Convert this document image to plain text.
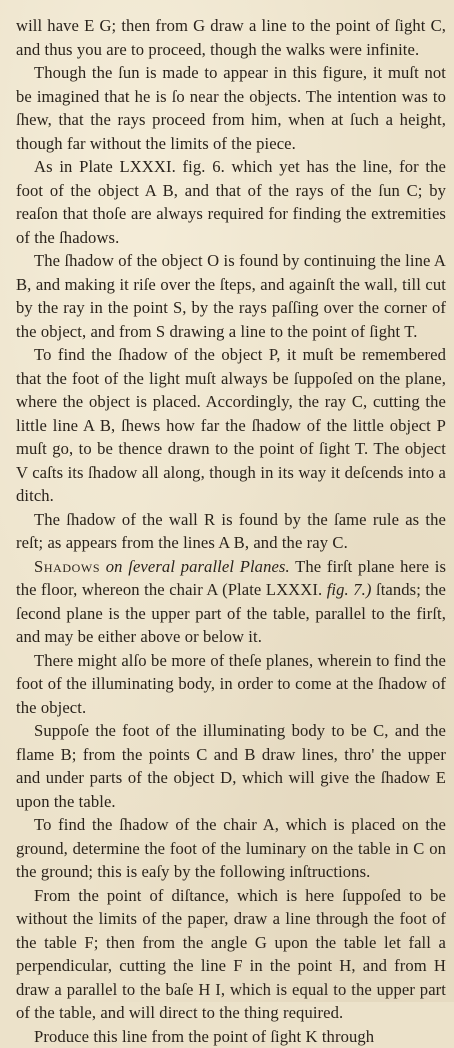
will have E G; then from G draw a line to the point of ſight C, and thus you are to proceed, though the walks were infinite.

Though the ſun is made to appear in this figure, it muſt not be imagined that he is ſo near the objects. The intention was to ſhew, that the rays proceed from him, when at ſuch a height, though far without the limits of the piece.

As in Plate LXXXI. fig. 6. which yet has the line, for the foot of the object A B, and that of the rays of the ſun C; by reaſon that thoſe are always required for finding the extremities of the ſhadows.

The ſhadow of the object O is found by continuing the line A B, and making it riſe over the ſteps, and againſt the wall, till cut by the ray in the point S, by the rays paſſing over the corner of the object, and from S drawing a line to the point of ſight T.

To find the ſhadow of the object P, it muſt be remembered that the foot of the light muſt always be ſuppoſed on the plane, where the object is placed. Accordingly, the ray C, cutting the little line A B, ſhews how far the ſhadow of the little object P muſt go, to be thence drawn to the point of ſight T. The object V caſts its ſhadow all along, though in its way it deſcends into a ditch.

The ſhadow of the wall R is found by the ſame rule as the reſt; as appears from the lines A B, and the ray C.

Shadows on ſeveral parallel Planes. The firſt plane here is the floor, whereon the chair A (Plate LXXXI. fig. 7.) ſtands; the ſecond plane is the upper part of the table, parallel to the firſt, and may be either above or below it.

There might alſo be more of theſe planes, wherein to find the foot of the illuminating body, in order to come at the ſhadow of the object.

Suppoſe the foot of the illuminating body to be C, and the flame B; from the points C and B draw lines, thro' the upper and under parts of the object D, which will give the ſhadow E upon the table.

To find the ſhadow of the chair A, which is placed on the ground, determine the foot of the luminary on the table in C on the ground; this is eaſy by the following inſtructions.

From the point of diſtance, which is here ſuppoſed to be without the limits of the paper, draw a line through the foot of the table F; then from the angle G upon the table let fall a perpendicular, cutting the line F in the point H, and from H draw a parallel to the baſe H I, which is equal to the upper part of the table, and will direct to the thing required.

Produce this line from the point of ſight K through
